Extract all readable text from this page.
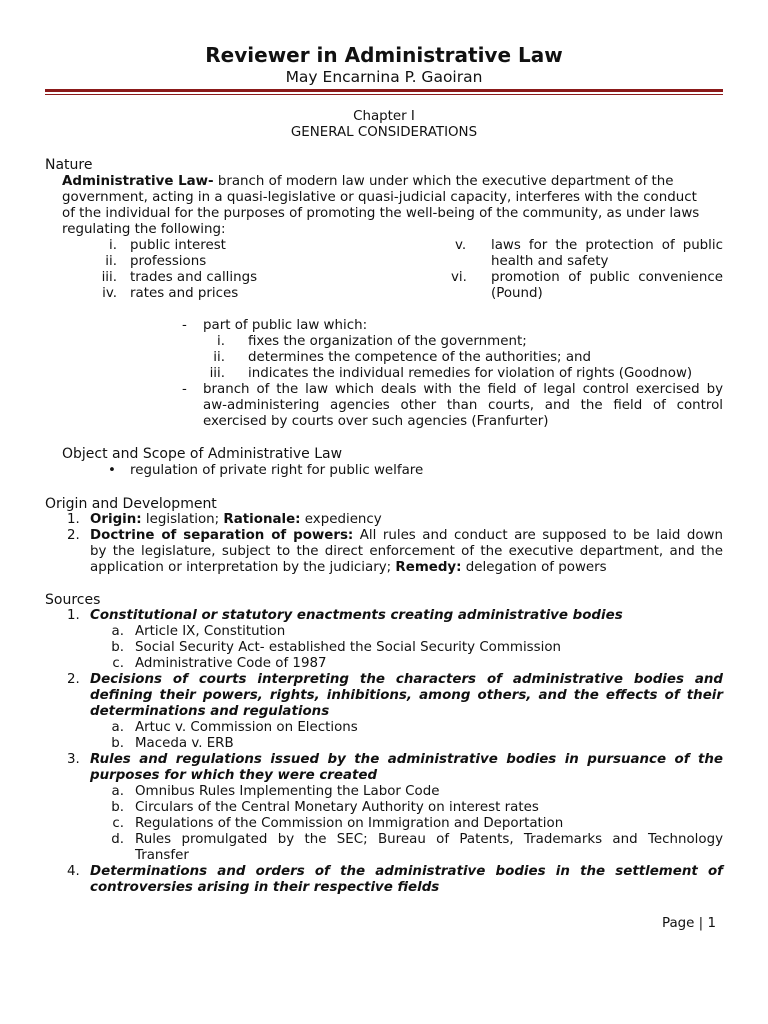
Reviewer in Administrative Law
May Encarnina P. Gaoiran
Chapter I
GENERAL CONSIDERATIONS
Nature
Administrative Law- branch of modern law under which the executive department of the
government, acting in a quasi-legislative or quasi-judicial capacity, interferes with the conduct
of the individual for the purposes of promoting the well-being of the community, as under laws
regulating the following:
i. public interest
ii. professions
iii. trades and callings
iv. rates and prices
v. laws for the protection of public
health and safety
vi. promotion of public convenience
(Pound)
- part of public law which:
i. fixes the organization of the government;
ii. determines the competence of the authorities; and
iii. indicates the individual remedies for violation of rights (Goodnow)
- branch of the law which deals with the field of legal control exercised by
aw-administering agencies other than courts, and the field of control
exercised by courts over such agencies (Franfurter)
Object and Scope of Administrative Law
• regulation of private right for public welfare
Origin and Development
1. Origin: legislation; Rationale: expediency
2. Doctrine of separation of powers: All rules and conduct are supposed to be laid down
by the legislature, subject to the direct enforcement of the executive department, and the
application or interpretation by the judiciary; Remedy: delegation of powers
Sources
1. Constitutional or statutory enactments creating administrative bodies
a. Article IX, Constitution
b. Social Security Act- established the Social Security Commission
c. Administrative Code of 1987
2. Decisions of courts interpreting the characters of administrative bodies and
defining their powers, rights, inhibitions, among others, and the effects of their
determinations and regulations
a. Artuc v. Commission on Elections
b. Maceda v. ERB
3. Rules and regulations issued by the administrative bodies in pursuance of the
purposes for which they were created
a. Omnibus Rules Implementing the Labor Code
b. Circulars of the Central Monetary Authority on interest rates
c. Regulations of the Commission on Immigration and Deportation
d. Rules promulgated by the SEC; Bureau of Patents, Trademarks and Technology
Transfer
4. Determinations and orders of the administrative bodies in the settlement of
controversies arising in their respective fields
Page | 1
